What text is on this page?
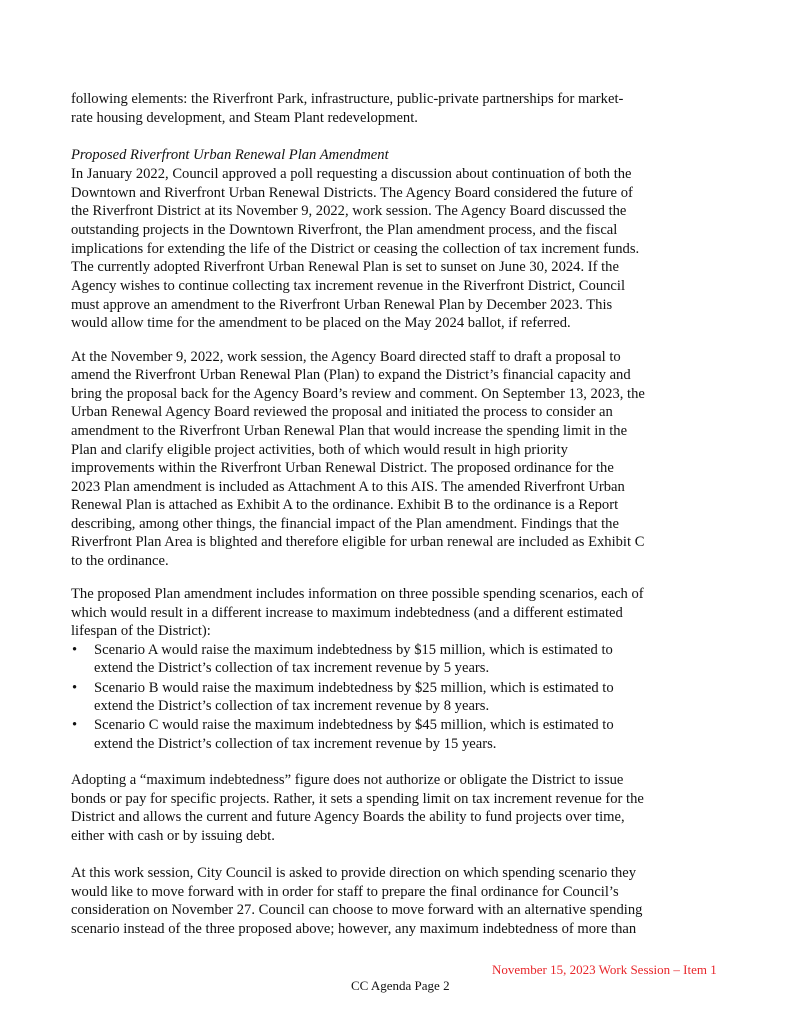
following elements: the Riverfront Park, infrastructure, public-private partnerships for market-
rate housing development, and Steam Plant redevelopment.
Proposed Riverfront Urban Renewal Plan Amendment
In January 2022, Council approved a poll requesting a discussion about continuation of both the
Downtown and Riverfront Urban Renewal Districts. The Agency Board considered the future of
the Riverfront District at its November 9, 2022, work session. The Agency Board discussed the
outstanding projects in the Downtown Riverfront, the Plan amendment process, and the fiscal
implications for extending the life of the District or ceasing the collection of tax increment funds.
The currently adopted Riverfront Urban Renewal Plan is set to sunset on June 30, 2024. If the
Agency wishes to continue collecting tax increment revenue in the Riverfront District, Council
must approve an amendment to the Riverfront Urban Renewal Plan by December 2023. This
would allow time for the amendment to be placed on the May 2024 ballot, if referred.
At the November 9, 2022, work session, the Agency Board directed staff to draft a proposal to
amend the Riverfront Urban Renewal Plan (Plan) to expand the District’s financial capacity and
bring the proposal back for the Agency Board’s review and comment. On September 13, 2023, the
Urban Renewal Agency Board reviewed the proposal and initiated the process to consider an
amendment to the Riverfront Urban Renewal Plan that would increase the spending limit in the
Plan and clarify eligible project activities, both of which would result in high priority
improvements within the Riverfront Urban Renewal District. The proposed ordinance for the
2023 Plan amendment is included as Attachment A to this AIS. The amended Riverfront Urban
Renewal Plan is attached as Exhibit A to the ordinance. Exhibit B to the ordinance is a Report
describing, among other things, the financial impact of the Plan amendment. Findings that the
Riverfront Plan Area is blighted and therefore eligible for urban renewal are included as Exhibit C
to the ordinance.
The proposed Plan amendment includes information on three possible spending scenarios, each of
which would result in a different increase to maximum indebtedness (and a different estimated
lifespan of the District):
• Scenario A would raise the maximum indebtedness by $15 million, which is estimated to
extend the District’s collection of tax increment revenue by 5 years.
• Scenario B would raise the maximum indebtedness by $25 million, which is estimated to
extend the District’s collection of tax increment revenue by 8 years.
• Scenario C would raise the maximum indebtedness by $45 million, which is estimated to
extend the District’s collection of tax increment revenue by 15 years.
Adopting a “maximum indebtedness” figure does not authorize or obligate the District to issue
bonds or pay for specific projects. Rather, it sets a spending limit on tax increment revenue for the
District and allows the current and future Agency Boards the ability to fund projects over time,
either with cash or by issuing debt.
At this work session, City Council is asked to provide direction on which spending scenario they
would like to move forward with in order for staff to prepare the final ordinance for Council’s
consideration on November 27. Council can choose to move forward with an alternative spending
scenario instead of the three proposed above; however, any maximum indebtedness of more than
November 15, 2023 Work Session – Item 1
CC Agenda Page 2
